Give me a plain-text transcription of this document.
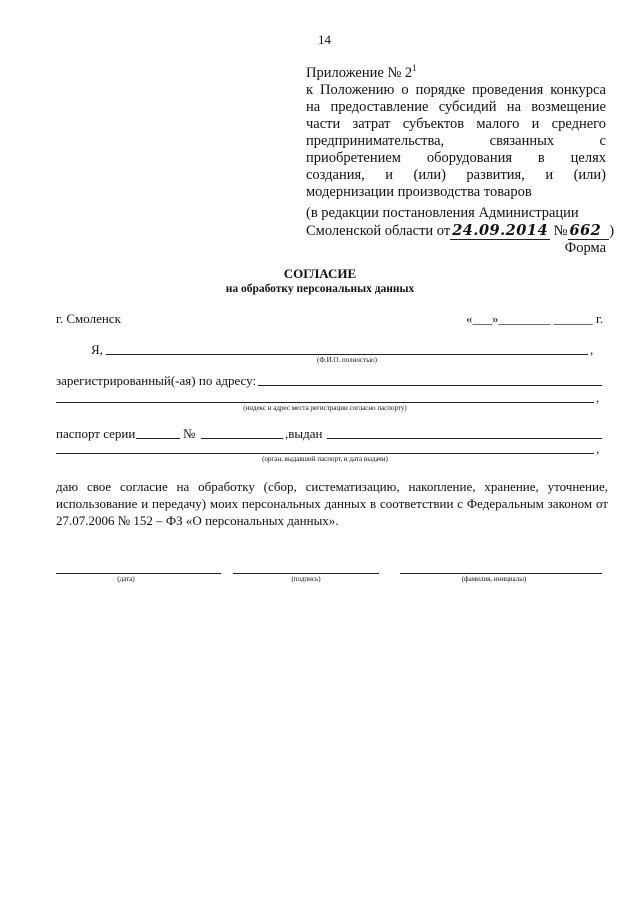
14
Приложение № $2^1$
к Положению о порядке проведения конкурса
на предоставление субсидий на возмещение
части затрат субъектов малого и среднего
предпринимательства, связанных с
приобретением оборудования в целях
создания, и (или) развития, и (или)
модернизации производства товаров
(в редакции постановления Администрации
Смоленской области от 24.09.2014 № 662 )
Форма
СОГЛАСИЕ
на обработку персональных данных
г. Смоленск	«___»________ ______ г.
Я,	,
(Ф.И.О. полностью)
зарегистрированный(-ая) по адресу:
,
(индекс и адрес места регистрации согласно паспорту)
паспорт серии	№	,выдан
,
(орган, выдавший паспорт, и дата выдачи)
даю свое согласие на обработку (сбор, систематизацию, накопление, хранение, уточнение,
использование и передачу) моих персональных данных в соответствии с Федеральным законом от
27.07.2006 № 152 – ФЗ «О персональных данных».
(дата)	(подпись)	(фамилия, инициалы)
